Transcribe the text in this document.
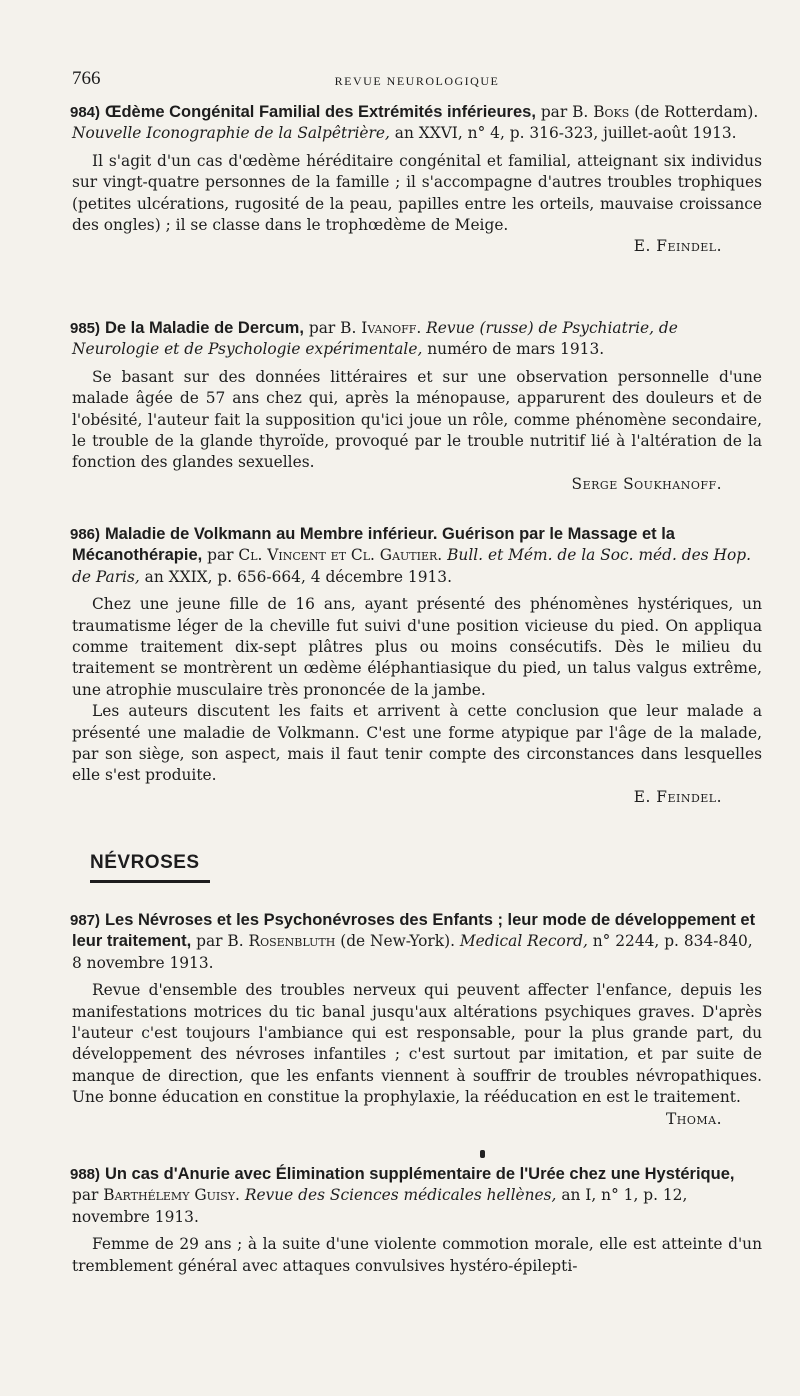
766	REVUE NEUROLOGIQUE

984) Œdème Congénital Familial des Extrémités inférieures, par B. Boks (de Rotterdam). Nouvelle Iconographie de la Salpêtrière, an XXVI, n° 4, p. 316-323, juillet-août 1913.

Il s'agit d'un cas d'œdème héréditaire congénital et familial, atteignant six individus sur vingt-quatre personnes de la famille ; il s'accompagne d'autres troubles trophiques (petites ulcérations, rugosité de la peau, papilles entre les orteils, mauvaise croissance des ongles) ; il se classe dans le trophœdème de Meige.

E. Feindel.

985) De la Maladie de Dercum, par B. Ivanoff. Revue (russe) de Psychiatrie, de Neurologie et de Psychologie expérimentale, numéro de mars 1913.

Se basant sur des données littéraires et sur une observation personnelle d'une malade âgée de 57 ans chez qui, après la ménopause, apparurent des douleurs et de l'obésité, l'auteur fait la supposition qu'ici joue un rôle, comme phénomène secondaire, le trouble de la glande thyroïde, provoqué par le trouble nutritif lié à l'altération de la fonction des glandes sexuelles.

Serge Soukhanoff.

986) Maladie de Volkmann au Membre inférieur. Guérison par le Massage et la Mécanothérapie, par Cl. Vincent et Cl. Gautier. Bull. et Mém. de la Soc. méd. des Hop. de Paris, an XXIX, p. 656-664, 4 décembre 1913.

Chez une jeune fille de 16 ans, ayant présenté des phénomènes hystériques, un traumatisme léger de la cheville fut suivi d'une position vicieuse du pied. On appliqua comme traitement dix-sept plâtres plus ou moins consécutifs. Dès le milieu du traitement se montrèrent un œdème éléphantiasique du pied, un talus valgus extrême, une atrophie musculaire très prononcée de la jambe.

Les auteurs discutent les faits et arrivent à cette conclusion que leur malade a présenté une maladie de Volkmann. C'est une forme atypique par l'âge de la malade, par son siège, son aspect, mais il faut tenir compte des circonstances dans lesquelles elle s'est produite.

E. Feindel.
NÉVROSES

987) Les Névroses et les Psychonévroses des Enfants ; leur mode de développement et leur traitement, par B. Rosenbluth (de New-York). Medical Record, n° 2244, p. 834-840, 8 novembre 1913.

Revue d'ensemble des troubles nerveux qui peuvent affecter l'enfance, depuis les manifestations motrices du tic banal jusqu'aux altérations psychiques graves. D'après l'auteur c'est toujours l'ambiance qui est responsable, pour la plus grande part, du développement des névroses infantiles ; c'est surtout par imitation, et par suite de manque de direction, que les enfants viennent à souffrir de troubles névropathiques. Une bonne éducation en constitue la prophylaxie, la rééducation en est le traitement.

Thoma.

988) Un cas d'Anurie avec Élimination supplémentaire de l'Urée chez une Hystérique, par Barthélemy Guisy. Revue des Sciences médicales hellènes, an I, n° 1, p. 12, novembre 1913.

Femme de 29 ans ; à la suite d'une violente commotion morale, elle est atteinte d'un tremblement général avec attaques convulsives hystéro-épilepti-
